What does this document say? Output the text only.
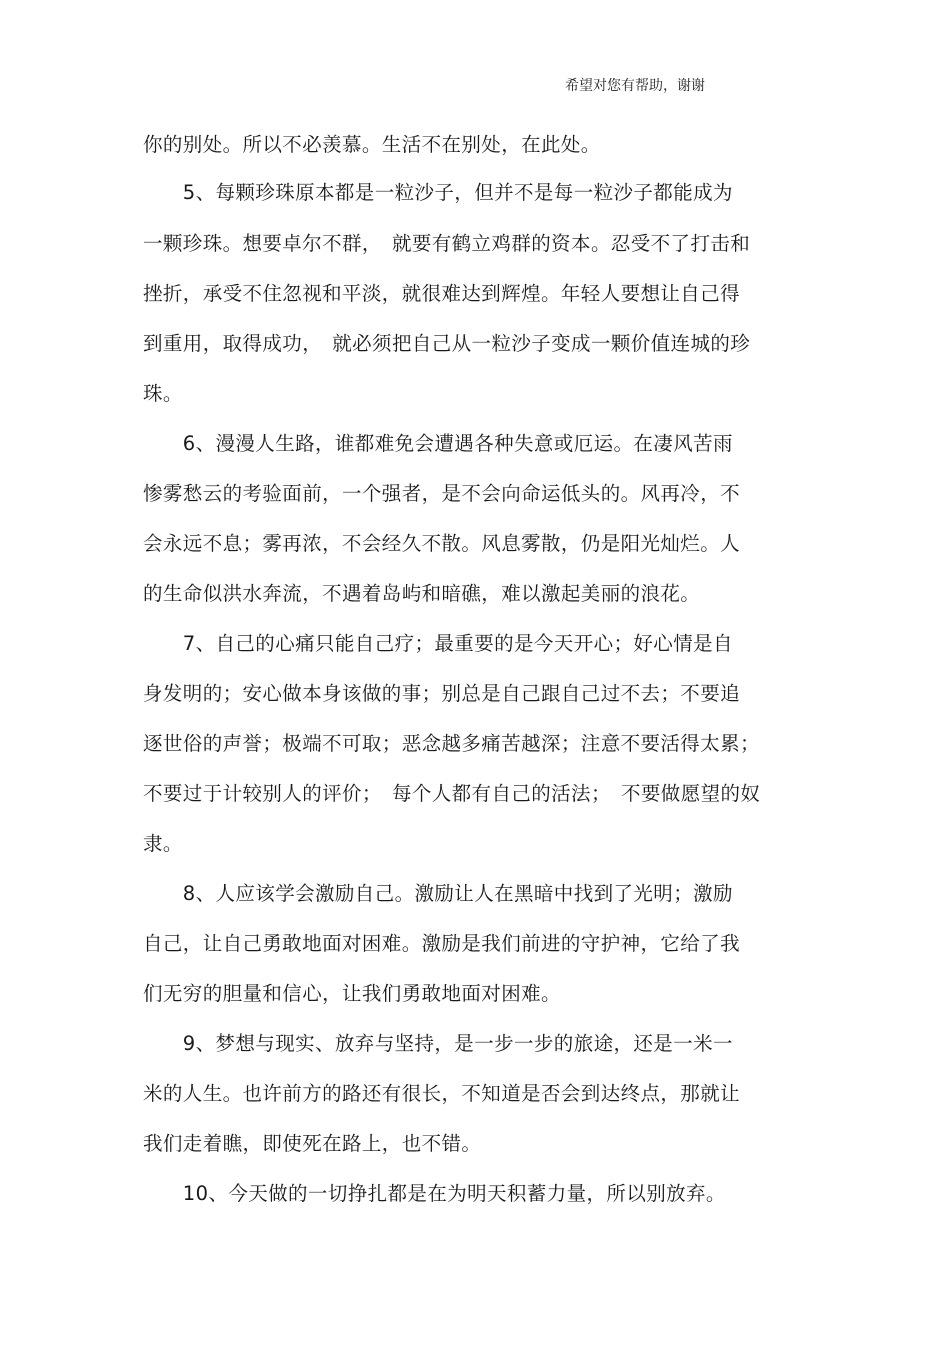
希望对您有帮助，谢谢
你的别处。所以不必羡慕。生活不在别处，在此处。
　　5、每颗珍珠原本都是一粒沙子，但并不是每一粒沙子都能成为
一颗珍珠。想要卓尔不群，　就要有鹤立鸡群的资本。忍受不了打击和
挫折，承受不住忽视和平淡，就很难达到辉煌。年轻人要想让自己得
到重用，取得成功，　就必须把自己从一粒沙子变成一颗价值连城的珍
珠。
　　6、漫漫人生路，谁都难免会遭遇各种失意或厄运。在凄风苦雨
惨雾愁云的考验面前，一个强者，是不会向命运低头的。风再冷，不
会永远不息；雾再浓，不会经久不散。风息雾散，仍是阳光灿烂。人
的生命似洪水奔流，不遇着岛屿和暗礁，难以激起美丽的浪花。
　　7、自己的心痛只能自己疗；最重要的是今天开心；好心情是自
身发明的；安心做本身该做的事；别总是自己跟自己过不去；不要追
逐世俗的声誉；极端不可取；恶念越多痛苦越深；注意不要活得太累；
不要过于计较别人的评价；　每个人都有自己的活法；　不要做愿望的奴
隶。
　　8、人应该学会激励自己。激励让人在黑暗中找到了光明；激励
自己，让自己勇敢地面对困难。激励是我们前进的守护神，它给了我
们无穷的胆量和信心，让我们勇敢地面对困难。
　　9、梦想与现实、放弃与坚持，是一步一步的旅途，还是一米一
米的人生。也许前方的路还有很长，不知道是否会到达终点，那就让
我们走着瞧，即使死在路上，也不错。
　　10、今天做的一切挣扎都是在为明天积蓄力量，所以别放弃。
